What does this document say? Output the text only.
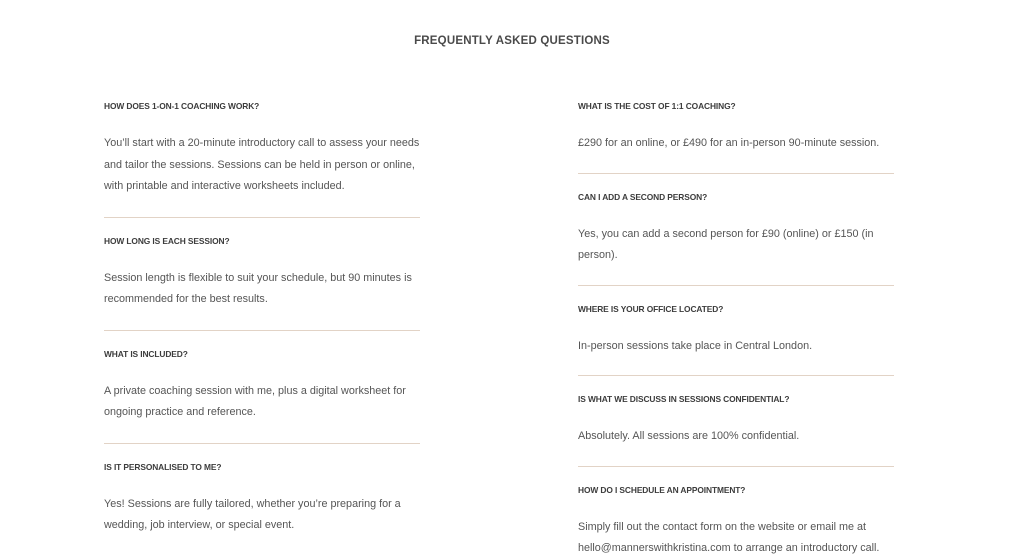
FREQUENTLY ASKED QUESTIONS
HOW DOES 1-ON-1 COACHING WORK?
You’ll start with a 20-minute introductory call to assess your needs and tailor the sessions. Sessions can be held in person or online, with printable and interactive worksheets included.
HOW LONG IS EACH SESSION?
Session length is flexible to suit your schedule, but 90 minutes is recommended for the best results.
WHAT IS INCLUDED?
A private coaching session with me, plus a digital worksheet for ongoing practice and reference.
IS IT PERSONALISED TO ME?
Yes! Sessions are fully tailored, whether you’re preparing for a wedding, job interview, or special event.
WHAT IS THE COST OF 1:1 COACHING?
£290 for an online, or £490 for an in-person 90-minute session.
CAN I ADD A SECOND PERSON?
Yes, you can add a second person for £90 (online) or £150 (in person).
WHERE IS YOUR OFFICE LOCATED?
In-person sessions take place in Central London.
IS WHAT WE DISCUSS IN SESSIONS CONFIDENTIAL?
Absolutely. All sessions are 100% confidential.
HOW DO I SCHEDULE AN APPOINTMENT?
Simply fill out the contact form on the website or email me at hello@mannerswithkristina.com to arrange an introductory call.
